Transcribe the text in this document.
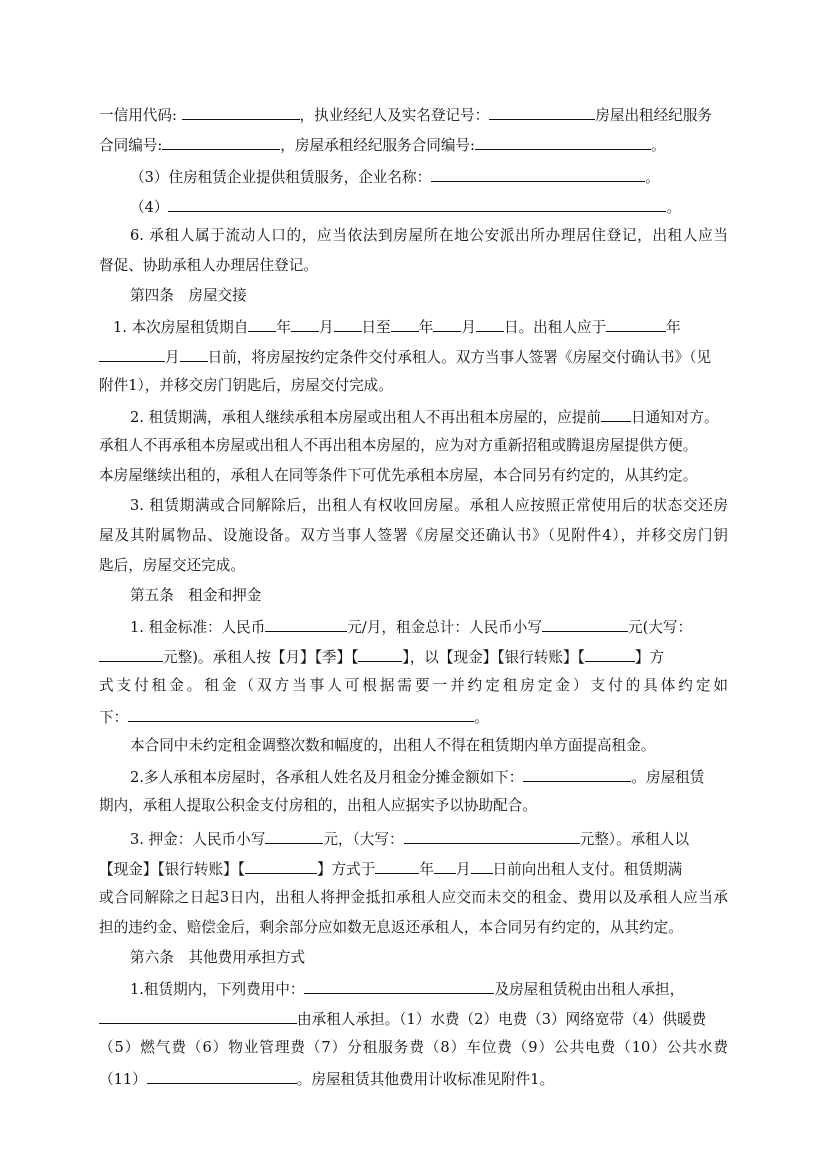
一信用代码:	，执业经纪人及实名登记号：	房屋出租经纪服务
合同编号:	，房屋承租经纪服务合同编号:	。
（3）住房租赁企业提供租赁服务，企业名称：	。
（4）	。
6. 承租人属于流动人口的，应当依法到房屋所在地公安派出所办理居住登记，出租人应当
督促、协助承租人办理居住登记。
第四条　房屋交接
1. 本次房屋租赁期自 年 月 日至 年 月 日。出租人应于	年
月 日前，将房屋按约定条件交付承租人。双方当事人签署《房屋交付确认书》（见
附件1），并移交房门钥匙后，房屋交付完成。
2. 租赁期满，承租人继续承租本房屋或出租人不再出租本房屋的，应提前 日通知对方。
承租人不再承租本房屋或出租人不再出租本房屋的，应为对方重新招租或腾退房屋提供方便。
本房屋继续出租的，承租人在同等条件下可优先承租本房屋，本合同另有约定的，从其约定。
3. 租赁期满或合同解除后，出租人有权收回房屋。承租人应按照正常使用后的状态交还房
屋及其附属物品、设施设备。双方当事人签署《房屋交还确认书》（见附件4），并移交房门钥
匙后，房屋交还完成。
第五条　租金和押金
1. 租金标准：人民币	元/月，租金总计：人民币小写	元(大写：
元整)。承租人按【月】【季】【	】，以【现金】【银行转账】【	】方
式支付租金。租金（双方当事人可根据需要一并约定租房定金）支付的具体约定如
下：	。
本合同中未约定租金调整次数和幅度的，出租人不得在租赁期内单方面提高租金。
2.多人承租本房屋时，各承租人姓名及月租金分摊金额如下：	。房屋租赁
期内，承租人提取公积金支付房租的，出租人应据实予以协助配合。
3. 押金：人民币小写	元，（大写：	元整）。承租人以
【现金】【银行转账】【	】方式于	年 月 日前向出租人支付。租赁期满
或合同解除之日起3日内，出租人将押金抵扣承租人应交而未交的租金、费用以及承租人应当承
担的违约金、赔偿金后，剩余部分应如数无息返还承租人，本合同另有约定的，从其约定。
第六条　其他费用承担方式
1.租赁期内，下列费用中：	及房屋租赁税由出租人承担，
由承租人承担。（1）水费（2）电费（3）网络宽带（4）供暖费
（5）燃气费（6）物业管理费（7）分租服务费（8）车位费（9）公共电费（10）公共水费
（11）	。房屋租赁其他费用计收标准见附件1。
